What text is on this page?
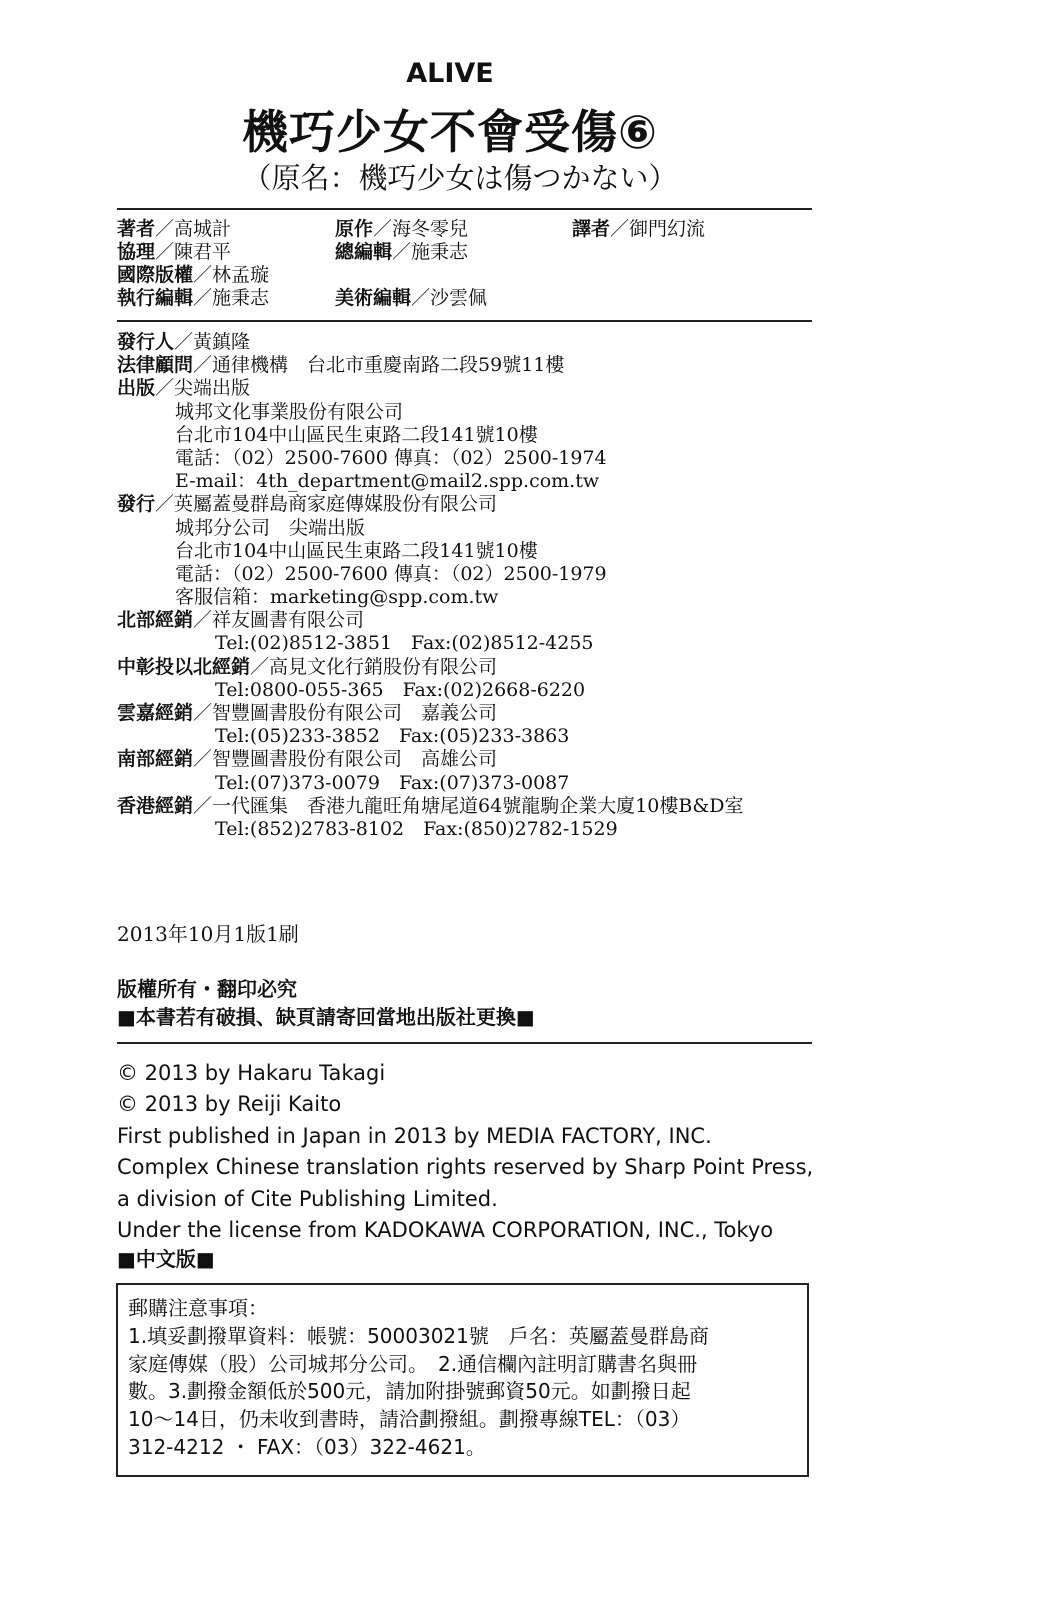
ALIVE
機巧少女不會受傷⑥
（原名：機巧少女は傷つかない）
著者／高城計	原作／海冬零兒	譯者／御門幻流
協理／陳君平	總編輯／施秉志
國際版權／林孟璇
執行編輯／施秉志	美術編輯／沙雲佩
發行人／黃鎮隆
法律顧問／通律機構　台北市重慶南路二段59號11樓
出版／尖端出版
城邦文化事業股份有限公司
台北市104中山區民生東路二段141號10樓
電話：（02）2500-7600 傳真：（02）2500-1974
E-mail：4th_department@mail2.spp.com.tw
發行／英屬蓋曼群島商家庭傳媒股份有限公司
城邦分公司　尖端出版
台北市104中山區民生東路二段141號10樓
電話：（02）2500-7600 傳真：（02）2500-1979
客服信箱：marketing@spp.com.tw
北部經銷／祥友圖書有限公司
Tel:(02)8512-3851　Fax:(02)8512-4255
中彰投以北經銷／高見文化行銷股份有限公司
Tel:0800-055-365　Fax:(02)2668-6220
雲嘉經銷／智豐圖書股份有限公司　嘉義公司
Tel:(05)233-3852　Fax:(05)233-3863
南部經銷／智豐圖書股份有限公司　高雄公司
Tel:(07)373-0079　Fax:(07)373-0087
香港經銷／一代匯集　香港九龍旺角塘尾道64號龍駒企業大廈10樓B&D室
Tel:(852)2783-8102　Fax:(850)2782-1529
2013年10月1版1刷
版權所有・翻印必究
■本書若有破損、缺頁請寄回當地出版社更換■
© 2013 by Hakaru Takagi
© 2013 by Reiji Kaito
First published in Japan in 2013 by MEDIA FACTORY, INC.
Complex Chinese translation rights reserved by Sharp Point Press,
a division of Cite Publishing Limited.
Under the license from KADOKAWA CORPORATION, INC., Tokyo
■中文版■
郵購注意事項：
1.填妥劃撥單資料：帳號：50003021號　戶名：英屬蓋曼群島商
家庭傳媒（股）公司城邦分公司。　2.通信欄內註明訂購書名與冊
數。3.劃撥金額低於500元，請加附掛號郵資50元。如劃撥日起
10～14日，仍未收到書時，請洽劃撥組。劃撥專線TEL：（03）
312-4212 ・ FAX：（03）322-4621。
